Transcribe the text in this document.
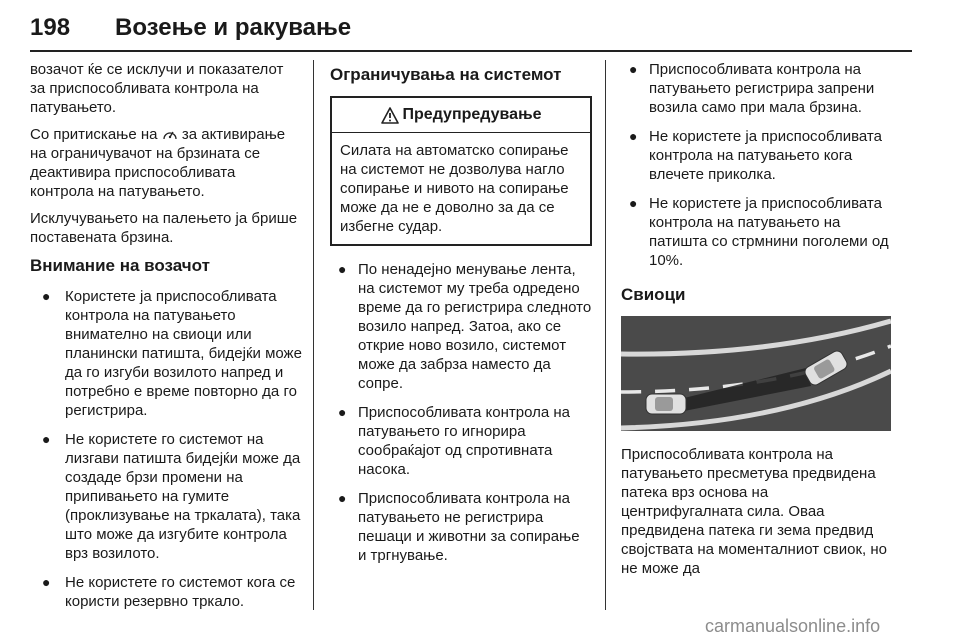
198 Возење и ракување

возачот ќе се исклучи и показателот за приспособливата контрола на патувањето.

Со притискање на  за активирање на ограничувачот на брзината се деактивира приспособливата контрола на патувањето.

Исклучувањето на палењето ја брише поставената брзина.

Внимание на возачот
● Користете ја приспособливата контрола на патувањето внимателно на свиоци или планински патишта, бидејќи може да го изгуби возилото напред и потребно е време повторно да го регистрира.
● Не користете го системот на лизгави патишта бидејќи може да создаде брзи промени на припивањето на гумите (проклизување на тркалата), така што може да изгубите контрола врз возилото.
● Не користете го системот кога се користи резервно тркало.
Ограничувања на системот
Предупредување
Силата на автоматско сопирање на системот не дозволува нагло сопирање и нивото на сопирање може да не е доволно за да се избегне судар.
● По ненадејно менување лента, на системот му треба одредено време да го регистрира следното возило напред. Затоа, ако се открие ново возило, системот може да забрза наместо да сопре.
● Приспособливата контрола на патувањето го игнорира сообраќајот од спротивната насока.
● Приспособливата контрола на патувањето не регистрира пешаци и животни за сопирање и тргнување.
● Приспособливата контрола на патувањето регистрира запрени возила само при мала брзина.
● Не користете ја приспособливата контрола на патувањето кога влечете приколка.
● Не користете ја приспособливата контрола на патувањето на патишта со стрмнини поголеми од 10%.
Свиоци

Приспособливата контрола на патувањето пресметува предвидена патека врз основа на центрифугалната сила. Оваа предвидена патека ги зема предвид својствата на моменталниот свиок, но не може да

carmanualsonline.info
